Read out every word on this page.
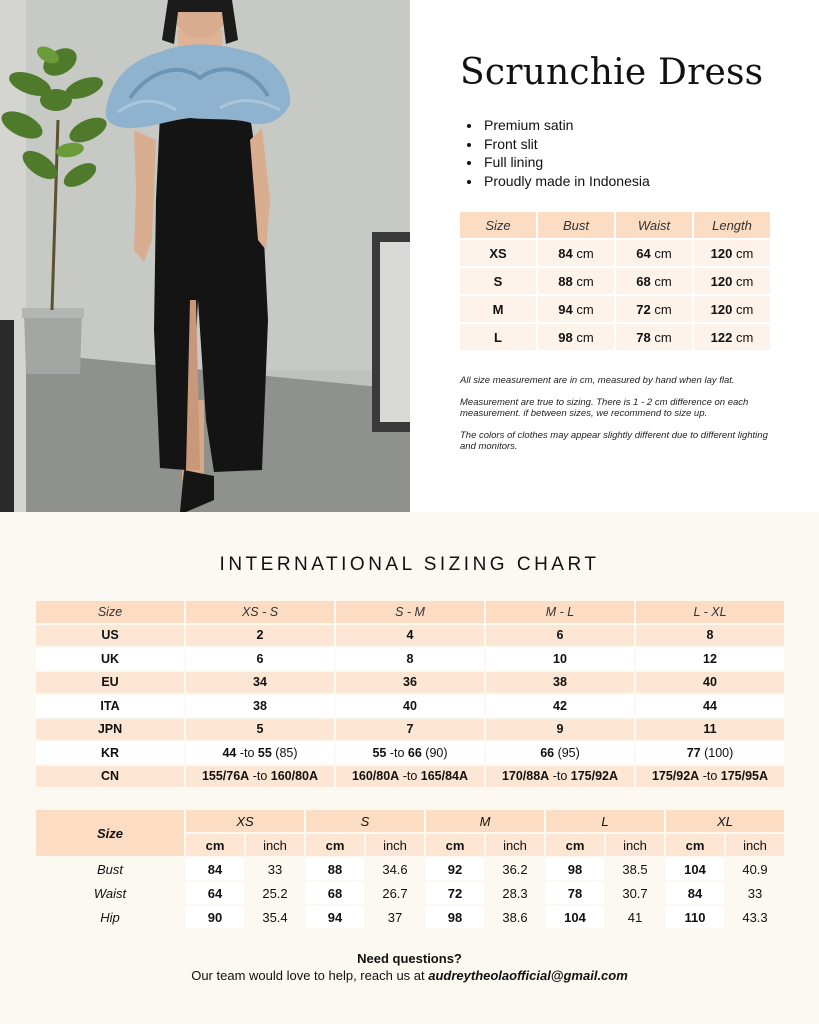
Scrunchie Dress
• Premium satin
• Front slit
• Full lining
• Proudly made in Indonesia
Size	Bust	Waist	Length
XS	84 cm	64 cm	120 cm
S	88 cm	68 cm	120 cm
M	94 cm	72 cm	120 cm
L	98 cm	78 cm	122 cm

All size measurement are in cm, measured by hand when lay flat.

Measurement are true to sizing. There is 1 - 2 cm difference on each measurement. if between sizes, we recommend to size up.

The colors of clothes may appear slightly different due to different lighting and monitors.

INTERNATIONAL SIZING CHART
Size	XS - S	S - M	M - L	L - XL
US	2	4	6	8
UK	6	8	10	12
EU	34	36	38	40
ITA	38	40	42	44
JPN	5	7	9	11
KR	44 -to 55 (85)	55 -to 66 (90)	66 (95)	77 (100)
CN	155/76A -to 160/80A	160/80A -to 165/84A	170/88A -to 175/92A	175/92A -to 175/95A
Size	XS		S		M		L		XL	
	cm	inch	cm	inch	cm	inch	cm	inch	cm	inch
Bust	84	33	88	34.6	92	36.2	98	38.5	104	40.9
Waist	64	25.2	68	26.7	72	28.3	78	30.7	84	33
Hip	90	35.4	94	37	98	38.6	104	41	110	43.3
Need questions?
Our team would love to help, reach us at audreytheolaofficial@gmail.com
